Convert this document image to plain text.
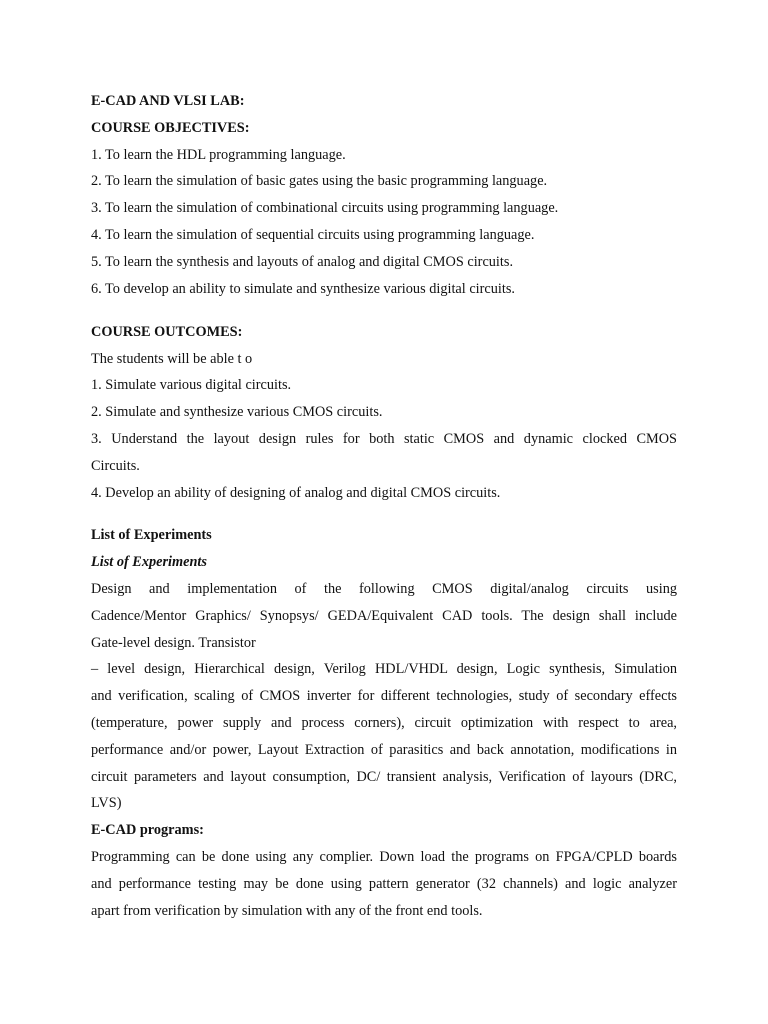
E-CAD AND VLSI LAB:
COURSE OBJECTIVES:
1. To learn the HDL programming language.
2. To learn the simulation of basic gates using the basic programming language.
3. To learn the simulation of combinational circuits using programming language.
4. To learn the simulation of sequential circuits using programming language.
5. To learn the synthesis and layouts of analog and digital CMOS circuits.
6. To develop an ability to simulate and synthesize various digital circuits.
COURSE OUTCOMES:
The students will be able t o
1. Simulate various digital circuits.
2. Simulate and synthesize various CMOS circuits.
3. Understand the layout design rules for both static CMOS and dynamic clocked CMOS
Circuits.
4. Develop an ability of designing of analog and digital CMOS circuits.
List of Experiments
List of Experiments
Design and implementation of the following CMOS digital/analog circuits using
Cadence/Mentor Graphics/ Synopsys/ GEDA/Equivalent CAD tools. The design shall include
Gate-level design. Transistor
– level design, Hierarchical design, Verilog HDL/VHDL design, Logic synthesis, Simulation
and verification, scaling of CMOS inverter for different technologies, study of secondary effects
(temperature, power supply and process corners), circuit optimization with respect to area,
performance and/or power, Layout Extraction of parasitics and back annotation, modifications in
circuit parameters and layout consumption, DC/ transient analysis, Verification of layours (DRC,
LVS)
E-CAD programs:
Programming can be done using any complier. Down load the programs on FPGA/CPLD boards
and performance testing may be done using pattern generator (32 channels) and logic analyzer
apart from verification by simulation with any of the front end tools.
